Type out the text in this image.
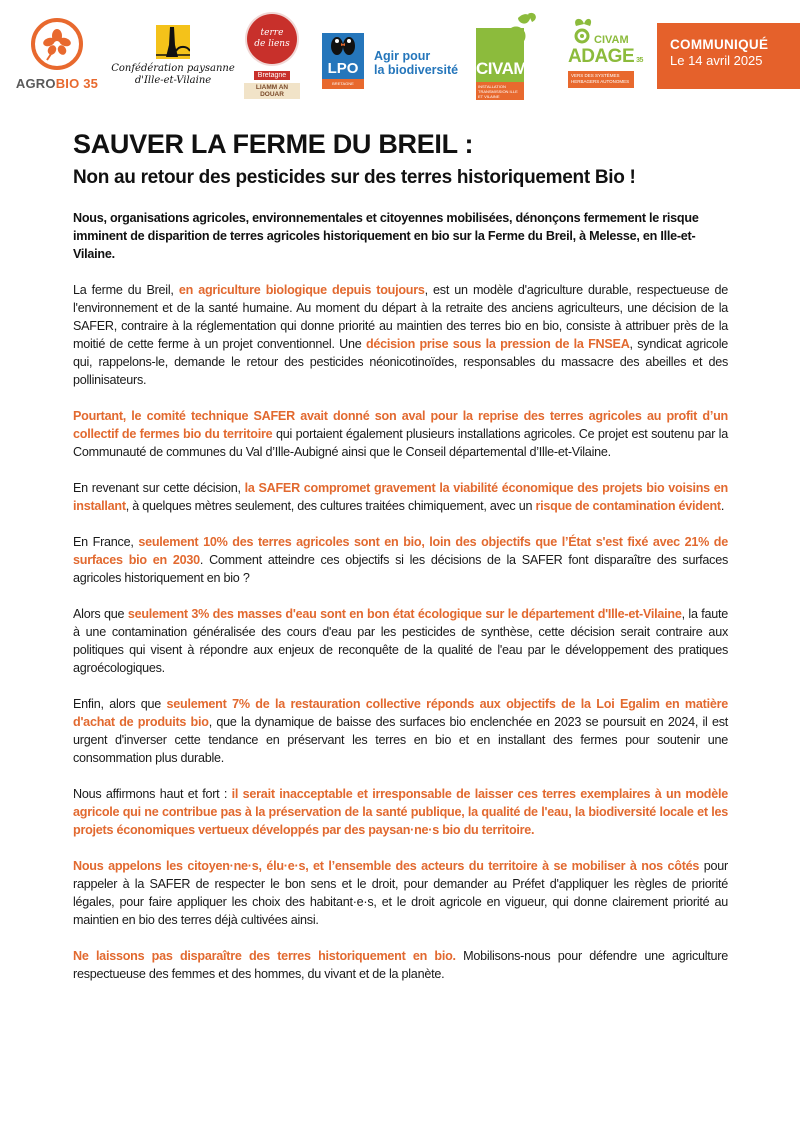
AGROBIO 35
Confédération paysanne
d'Ille-et-Vilaine
terre
de liens
Bretagne
LIAMM AN DOUAR
LPO
BRETAGNE
Agir pour
la biodiversité CIVAM
INSTALLATION TRANSMISSION ILLE ET VILAINE
CIVAM
ADAGE 35
VERS DES SYSTÈMES HERBAGERS AUTONOMES
COMMUNIQUÉ
Le 14 avril 2025
SAUVER LA FERME DU BREIL :
Non au retour des pesticides sur des terres historiquement Bio !

Nous, organisations agricoles, environnementales et citoyennes mobilisées, dénonçons fermement le risque imminent de disparition de terres agricoles historiquement en bio sur la Ferme du Breil, à Melesse, en Ille-et-Vilaine.

La ferme du Breil, en agriculture biologique depuis toujours, est un modèle d'agriculture durable, respectueuse de l'environnement et de la santé humaine. Au moment du départ à la retraite des anciens agriculteurs, une décision de la SAFER, contraire à la réglementation qui donne priorité au maintien des terres bio en bio, consiste à attribuer près de la moitié de cette ferme à un projet conventionnel. Une décision prise sous la pression de la FNSEA, syndicat agricole qui, rappelons-le, demande le retour des pesticides néonicotinoïdes, responsables du massacre des abeilles et des pollinisateurs.

Pourtant, le comité technique SAFER avait donné son aval pour la reprise des terres agricoles au profit d’un collectif de fermes bio du territoire qui portaient également plusieurs installations agricoles. Ce projet est soutenu par la Communauté de communes du Val d’Ille-Aubigné ainsi que le Conseil départemental d’Ille-et-Vilaine.

En revenant sur cette décision, la SAFER compromet gravement la viabilité économique des projets bio voisins en installant, à quelques mètres seulement, des cultures traitées chimiquement, avec un risque de contamination évident.

En France, seulement 10% des terres agricoles sont en bio, loin des objectifs que l’État s'est fixé avec 21% de surfaces bio en 2030. Comment atteindre ces objectifs si les décisions de la SAFER font disparaître des surfaces agricoles historiquement en bio ?

Alors que seulement 3% des masses d'eau sont en bon état écologique sur le département d'Ille-et-Vilaine, la faute à une contamination généralisée des cours d'eau par les pesticides de synthèse, cette décision serait contraire aux politiques qui visent à répondre aux enjeux de reconquête de la qualité de l'eau par le développement des pratiques agroécologiques.

Enfin, alors que seulement 7% de la restauration collective réponds aux objectifs de la Loi Egalim en matière d'achat de produits bio, que la dynamique de baisse des surfaces bio enclenchée en 2023 se poursuit en 2024, il est urgent d'inverser cette tendance en préservant les terres en bio et en installant des fermes pour soutenir une consommation plus durable.

Nous affirmons haut et fort : il serait inacceptable et irresponsable de laisser ces terres exemplaires à un modèle agricole qui ne contribue pas à la préservation de la santé publique, la qualité de l'eau, la biodiversité locale et les projets économiques vertueux développés par des paysan·ne·s bio du territoire.

Nous appelons les citoyen·ne·s, élu·e·s, et l’ensemble des acteurs du territoire à se mobiliser à nos côtés pour rappeler à la SAFER de respecter le bon sens et le droit, pour demander au Préfet d'appliquer les règles de priorité légales, pour faire appliquer les choix des habitant·e·s, et le droit agricole en vigueur, qui donne clairement priorité au maintien en bio des terres déjà cultivées ainsi.

Ne laissons pas disparaître des terres historiquement en bio. Mobilisons-nous pour défendre une agriculture respectueuse des femmes et des hommes, du vivant et de la planète.
